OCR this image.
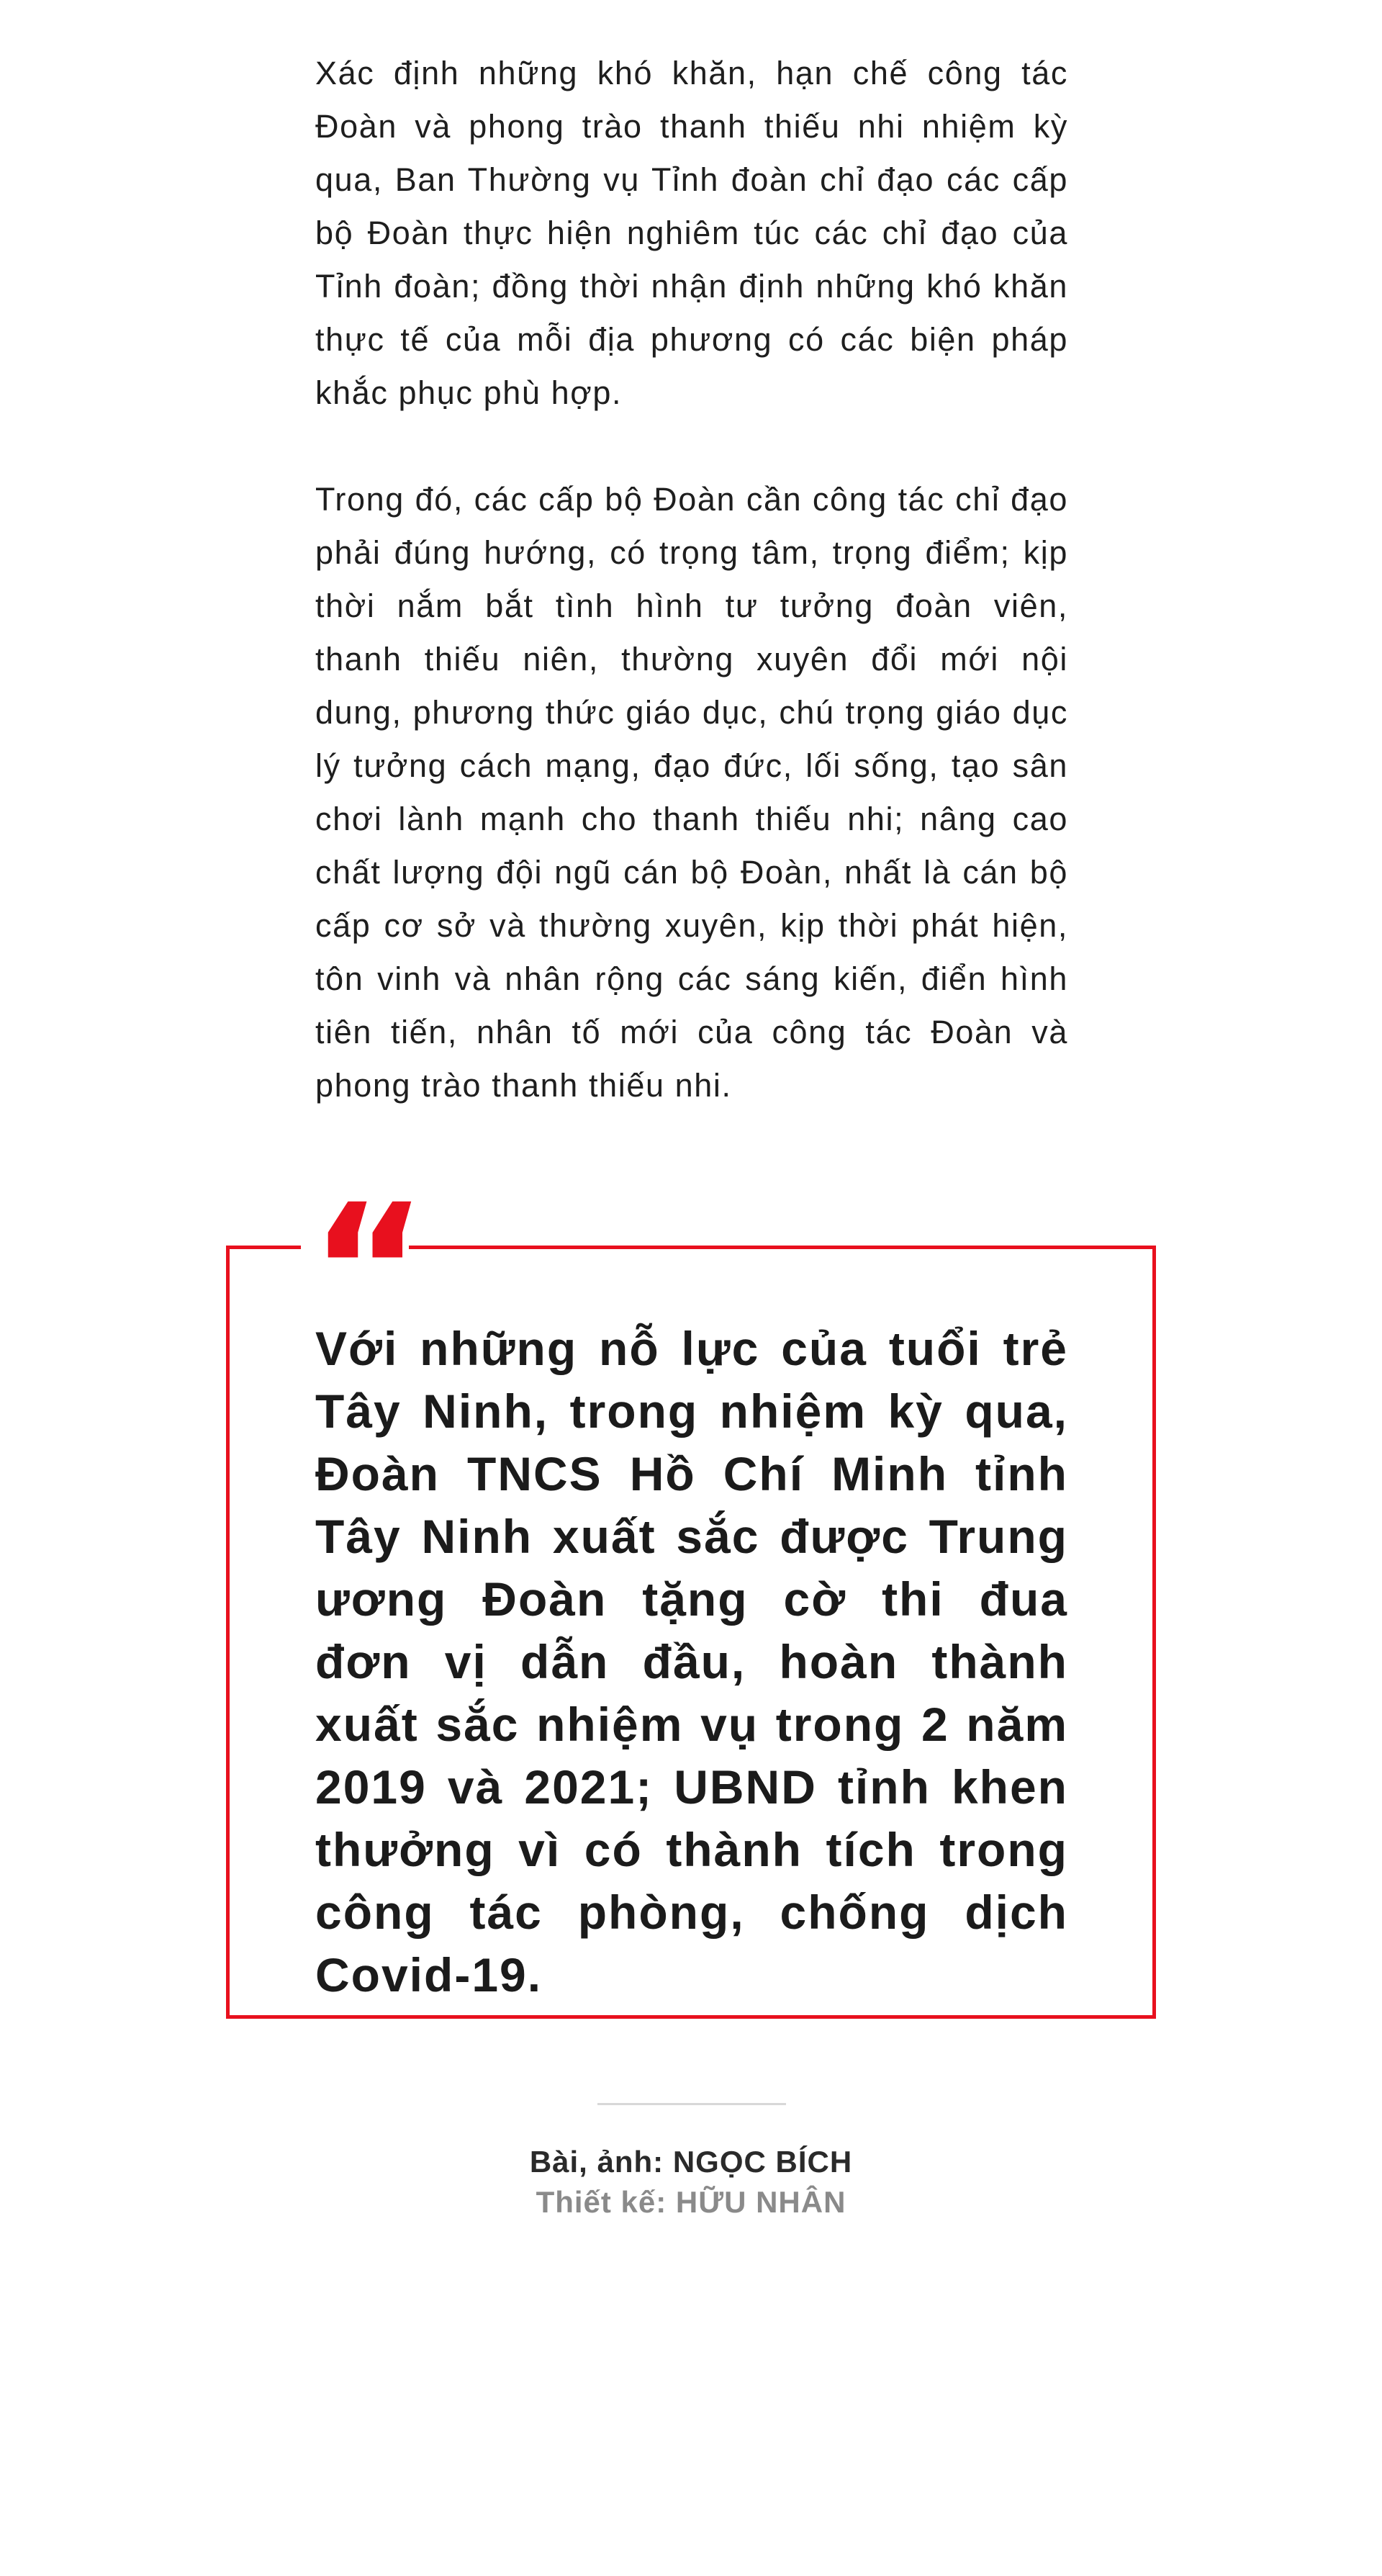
Xác định những khó khăn, hạn chế công tác Đoàn và phong trào thanh thiếu nhi nhiệm kỳ qua, Ban Thường vụ Tỉnh đoàn chỉ đạo các cấp bộ Đoàn thực hiện nghiêm túc các chỉ đạo của Tỉnh đoàn; đồng thời nhận định những khó khăn thực tế của mỗi địa phương có các biện pháp khắc phục phù hợp.

Trong đó, các cấp bộ Đoàn cần công tác chỉ đạo phải đúng hướng, có trọng tâm, trọng điểm; kịp thời nắm bắt tình hình tư tưởng đoàn viên, thanh thiếu niên, thường xuyên đổi mới nội dung, phương thức giáo dục, chú trọng giáo dục lý tưởng cách mạng, đạo đức, lối sống, tạo sân chơi lành mạnh cho thanh thiếu nhi; nâng cao chất lượng đội ngũ cán bộ Đoàn, nhất là cán bộ cấp cơ sở và thường xuyên, kịp thời phát hiện, tôn vinh và nhân rộng các sáng kiến, điển hình tiên tiến, nhân tố mới của công tác Đoàn và phong trào thanh thiếu nhi.

“

Với những nỗ lực của tuổi trẻ Tây Ninh, trong nhiệm kỳ qua, Đoàn TNCS Hồ Chí Minh tỉnh Tây Ninh xuất sắc được Trung ương Đoàn tặng cờ thi đua đơn vị dẫn đầu, hoàn thành xuất sắc nhiệm vụ trong 2 năm 2019 và 2021; UBND tỉnh khen thưởng vì có thành tích trong công tác phòng, chống dịch Covid-19.

Bài, ảnh: NGỌC BÍCH
Thiết kế: HỮU NHÂN
